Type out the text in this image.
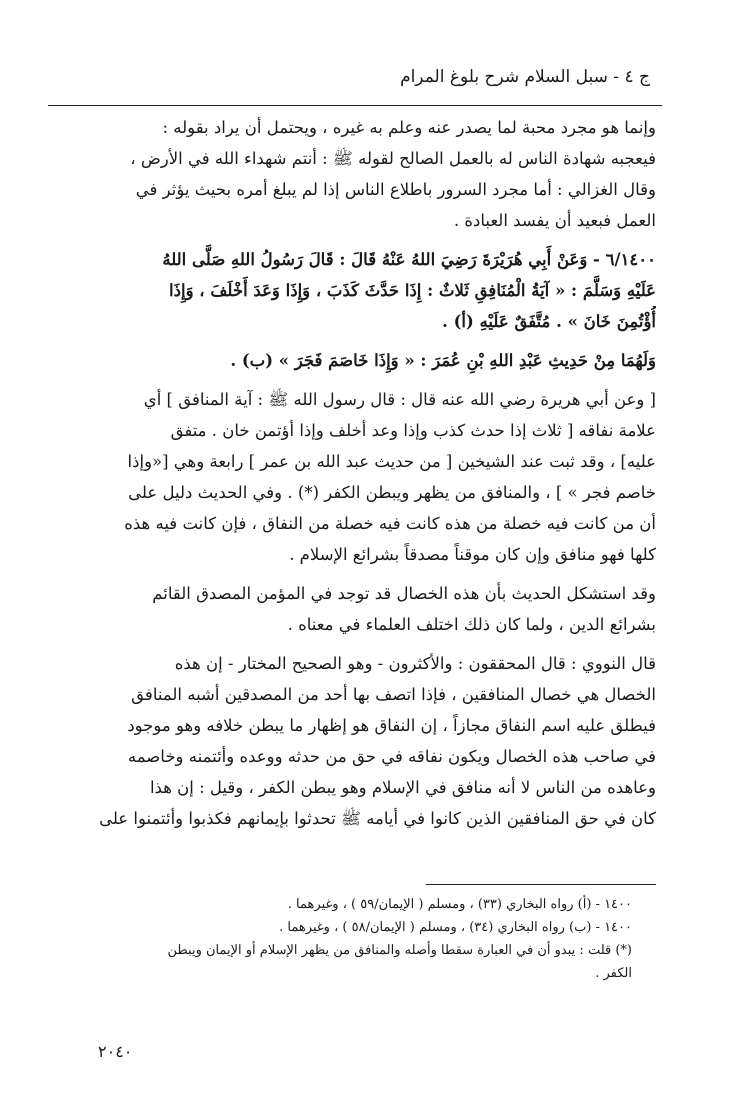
ج ٤ - سبل السلام شرح بلوغ المرام

وإنما هو مجرد محبة لما يصدر عنه وعلم به غيره ، ويحتمل أن يراد بقوله :
فيعجبه شهادة الناس له بالعمل الصالح لقوله ﷺ : أنتم شهداء الله في الأرض ،
وقال الغزالي : أما مجرد السرور باطلاع الناس إذا لم يبلغ أمره بحيث يؤثر في
العمل فبعيد أن يفسد العبادة .

٦/١٤٠٠ - وَعَنْ أَبِي هُرَيْرَةَ رَضِيَ اللهُ عَنْهُ قَالَ : قَالَ رَسُولُ اللهِ صَلَّى اللهُ
عَلَيْهِ وَسَلَّمَ : « آيَةُ الْمُنَافِقِ ثَلاثٌ : إِذَا حَدَّثَ كَذَبَ ، وَإِذَا وَعَدَ أَخْلَفَ ، وَإِذَا
أُؤْتُمِنَ خَانَ » . مُتَّفَقٌ عَلَيْهِ (أ) .

وَلَهُمَا مِنْ حَدِيثِ عَبْدِ اللهِ بْنِ عُمَرَ : « وَإِذَا خَاصَمَ فَجَرَ » (ب) .

[ وعن أبي هريرة رضي الله عنه قال : قال رسول الله ﷺ : آية المنافق ] أي
علامة نفاقه [ ثلاث إذا حدث كذب وإذا وعد أخلف وإذا أؤتمن خان . متفق
عليه] ، وقد ثبت عند الشيخين [ من حديث عبد الله بن عمر ] رابعة وهي [«وإذا
خاصم فجر » ] ، والمنافق من يظهر ويبطن الكفر (*) . وفي الحديث دليل على
أن من كانت فيه خصلة من هذه كانت فيه خصلة من النفاق ، فإن كانت فيه هذه
كلها فهو منافق وإن كان موقناً مصدقاً بشرائع الإسلام .

وقد استشكل الحديث بأن هذه الخصال قد توجد في المؤمن المصدق القائم
بشرائع الدين ، ولما كان ذلك اختلف العلماء في معناه .

قال النووي : قال المحققون : والأكثرون - وهو الصحيح المختار - إن هذه
الخصال هي خصال المنافقين ، فإذا اتصف بها أحد من المصدقين أشبه المنافق
فيطلق عليه اسم النفاق مجازاً ، إن النفاق هو إظهار ما يبطن خلافه وهو موجود
في صاحب هذه الخصال ويكون نفاقه في حق من حدثه ووعده وأئتمنه وخاصمه
وعاهده من الناس لا أنه منافق في الإسلام وهو يبطن الكفر ، وقيل : إن هذا
كان في حق المنافقين الذين كانوا في أيامه ﷺ تحدثوا بإيمانهم فكذبوا وأئتمنوا على

١٤٠٠ - (أ) رواه البخاري (٣٣) ، ومسلم ( الإيمان/٥٩ ) ، وغيرهما .
١٤٠٠ - (ب) رواه البخاري (٣٤) ، ومسلم ( الإيمان/٥٨ ) ، وغيرهما .
(*) قلت : يبدو أن في العبارة سقطا وأصله والمنافق من يظهر الإسلام أو الإيمان ويبطن
الكفر .
٢٠٤٠
